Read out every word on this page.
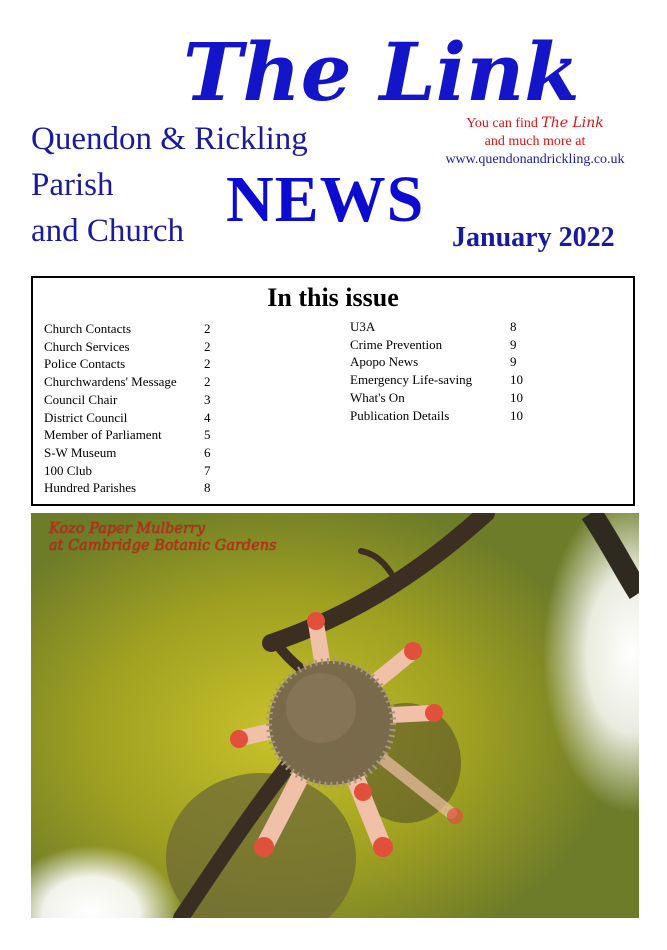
The Link

Quendon & Rickling

Parish

and Church

You can find The Link
and much more at
www.quendonandrickling.co.uk

NEWS

January 2022

In this issue
Church Contacts	2
Church Services	2
Police Contacts	2
Churchwardens' Message	2
Council Chair	3
District Council	4
Member of Parliament	5
S-W Museum	6
100 Club	7
Hundred Parishes	8
U3A	8
Crime Prevention	9
Apopo News	9
Emergency Life-saving	10
What's On	10
Publication Details	10
Kozo Paper Mulberry
at Cambridge Botanic Gardens
